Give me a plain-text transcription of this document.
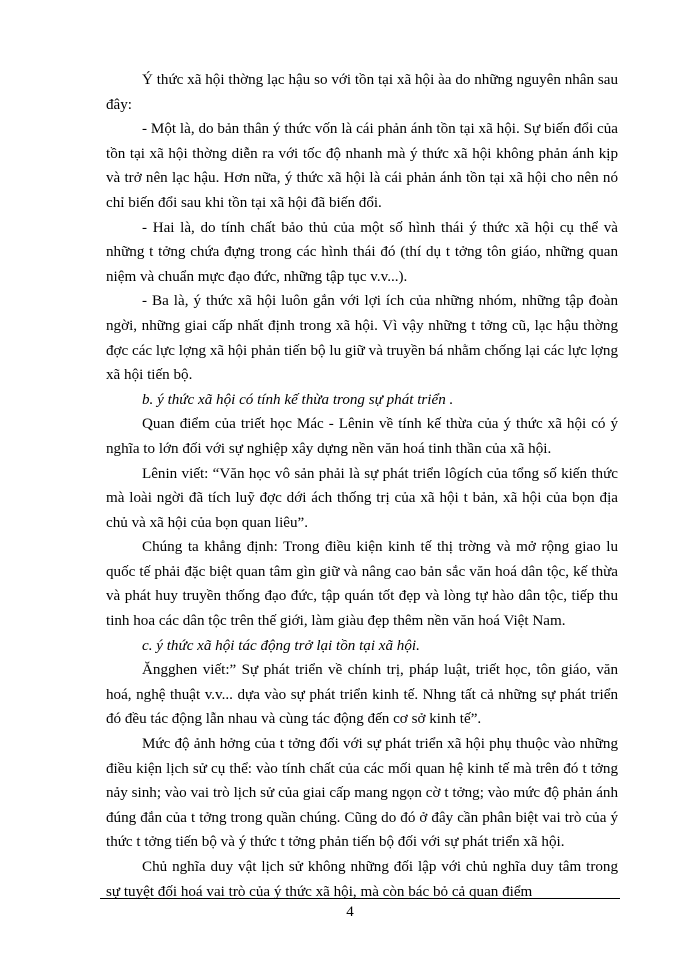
Ý thức xã hội thờng lạc hậu so với tồn tại xã hội àa do những nguyên nhân sau đây:

- Một là, do bản thân ý thức vốn là cái phản ánh tồn tại xã hội. Sự biến đổi của tồn tại xã hội thờng diễn ra với tốc độ nhanh mà ý thức xã hội không phản ánh kịp và trở nên lạc hậu. Hơn nữa, ý thức xã hội là cái phản ánh tồn tại xã hội cho nên nó chỉ biến đổi sau khi tồn tại xã hội đã biến đổi.

- Hai là, do tính chất bảo thủ của một số hình thái ý thức xã hội cụ thể và những t tởng chứa đựng trong các hình thái đó (thí dụ t tởng tôn giáo, những quan niệm và chuẩn mực đạo đức, những tập tục v.v...).

- Ba là, ý thức xã hội luôn gắn với lợi ích của những nhóm, những tập đoàn ngời, những giai cấp nhất định trong xã hội. Vì vậy những t tởng cũ, lạc hậu thờng đợc các lực lợng xã hội phản tiến bộ lu giữ và truyền bá nhằm chống lại các lực lợng xã hội tiến bộ.

b. ý thức xã hội có tính kế thừa trong sự phát triển .

Quan điểm của triết học Mác - Lênin về tính kế thừa của ý thức xã hội có ý nghĩa to lớn đối với sự nghiệp xây dựng nền văn hoá tinh thần của xã hội.

Lênin viết: “Văn học vô sản phải là sự phát triển lôgích của tổng số kiến thức mà loài ngời đã tích luỹ đợc dới ách thống trị của xã hội t bản, xã hội của bọn địa chủ và xã hội của bọn quan liêu”.

Chúng ta khẳng định: Trong điều kiện kinh tế thị trờng và mở rộng giao lu quốc tế phải đặc biệt quan tâm gìn giữ và nâng cao bản sắc văn hoá dân tộc, kế thừa và phát huy truyền thống đạo đức, tập quán tốt đẹp và lòng tự hào dân tộc, tiếp thu tinh hoa các dân tộc trên thế giới, làm giàu đẹp thêm nền văn hoá Việt Nam.

c. ý thức xã hội tác động trở lại tồn tại xã hội.

Ăngghen viết:” Sự phát triển về chính trị, pháp luật, triết học, tôn giáo, văn hoá, nghệ thuật v.v... dựa vào sự phát triển kinh tế. Nhng tất cả những sự phát triển đó đều tác động lẫn nhau và cùng tác động đến cơ sở kinh tế”.

Mức độ ảnh hởng của t tởng đối với sự phát triển xã hội phụ thuộc vào những điều kiện lịch sử cụ thể: vào tính chất của các mối quan hệ kinh tế mà trên đó t tởng nảy sinh; vào vai trò lịch sử của giai cấp mang ngọn cờ t tởng; vào mức độ phản ánh đúng đắn của t tởng trong quần chúng. Cũng do đó ở đây cần phân biệt vai trò của ý thức t tởng tiến bộ và ý thức t tởng phản tiến bộ đối với sự phát triển xã hội.

Chủ nghĩa duy vật lịch sử không những đối lập với chủ nghĩa duy tâm trong sự tuyệt đối hoá vai trò của ý thức xã hội, mà còn bác bỏ cả quan điểm

4
